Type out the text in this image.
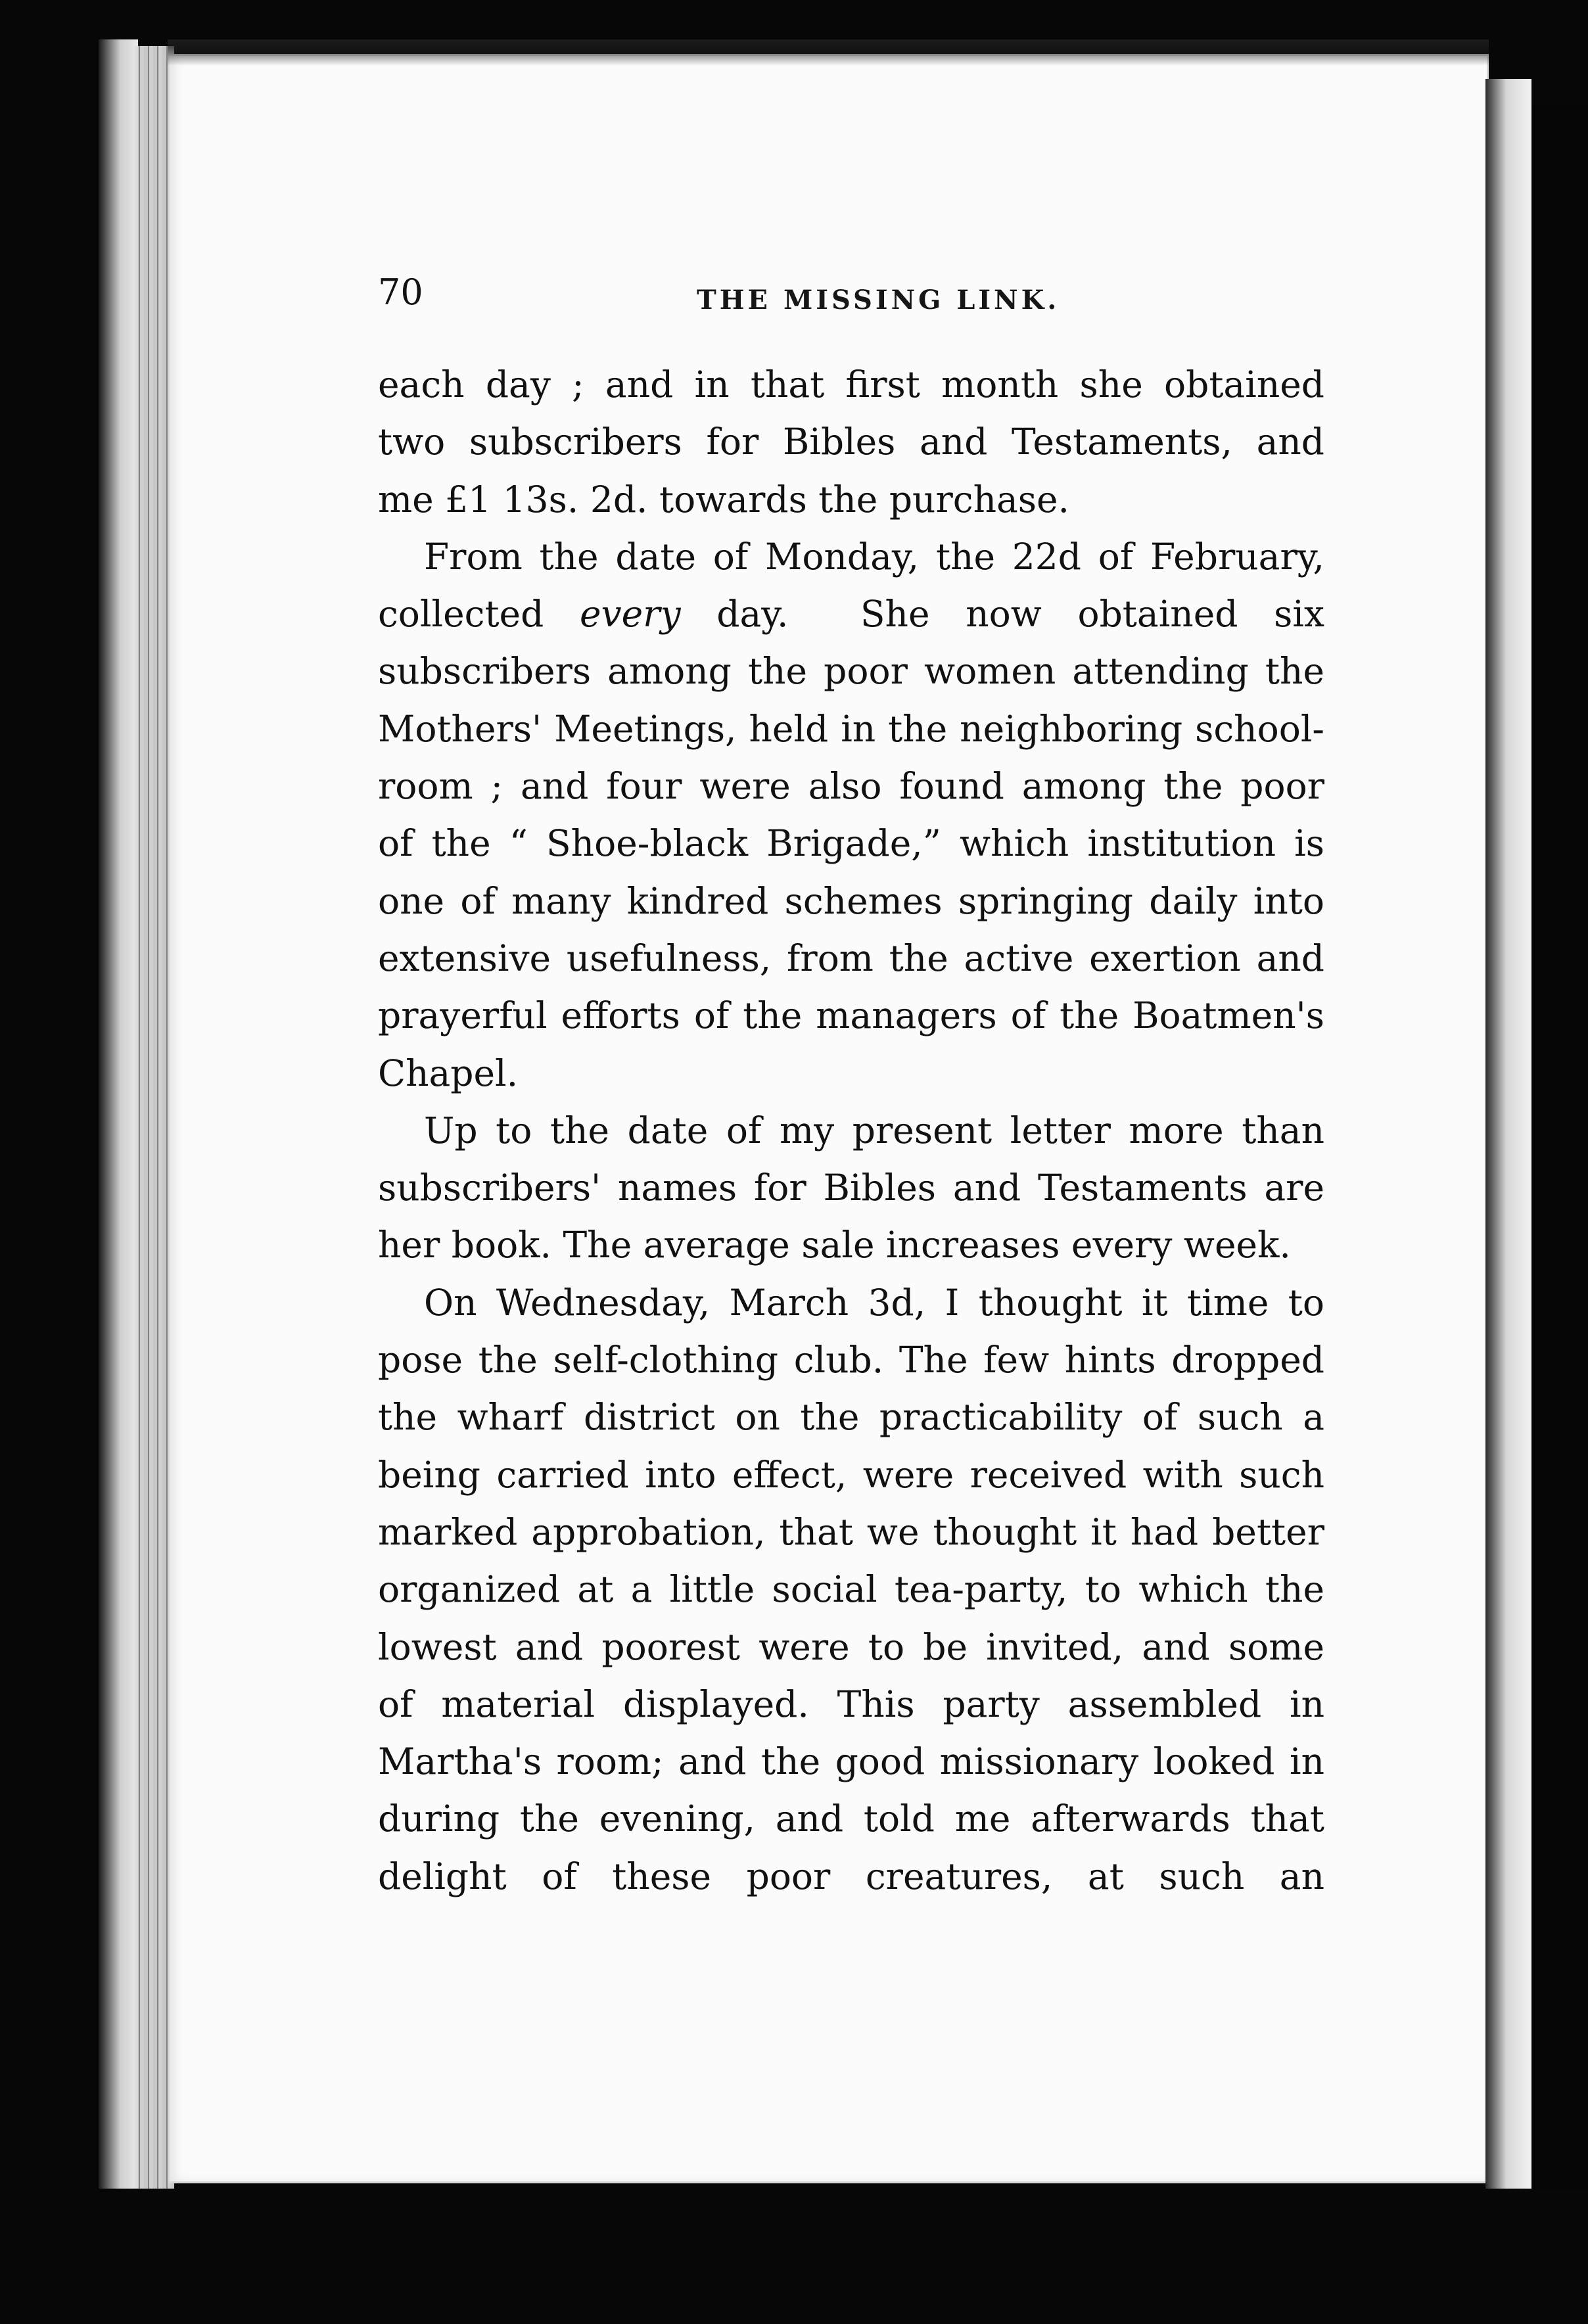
70	THE MISSING LINK.
each day ; and in that first month she obtained
two subscribers for Bibles and Testaments, and
me £1 13s. 2d. towards the purchase.
From the date of Monday, the 22d of February,
collected every day.  She now obtained six
subscribers among the poor women attending the
Mothers' Meetings, held in the neighboring school-
room ; and four were also found among the poor
of the “ Shoe-black Brigade,” which institution is
one of many kindred schemes springing daily into
extensive usefulness, from the active exertion and
prayerful efforts of the managers of the Boatmen's
Chapel.
Up to the date of my present letter more than
subscribers' names for Bibles and Testaments are
her book. The average sale increases every week.
On Wednesday, March 3d, I thought it time to
pose the self-clothing club. The few hints dropped
the wharf district on the practicability of such a
being carried into effect, were received with such
marked approbation, that we thought it had better
organized at a little social tea-party, to which the
lowest and poorest were to be invited, and some
of material displayed. This party assembled in
Martha's room; and the good missionary looked in
during the evening, and told me afterwards that
delight of these poor creatures, at such an
